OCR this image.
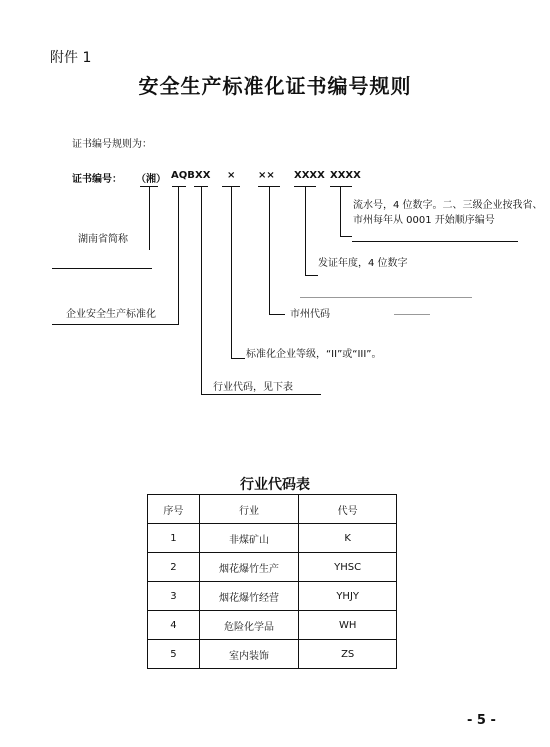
附件 1
安全生产标准化证书编号规则
证书编号规则为：
证书编号： （湘） AQB XX × ×× XXXX XXXX
湖南省简称
企业安全生产标准化
标准化企业等级，“II”或“III”。
行业代码，见下表
市州代码
发证年度，4 位数字
流水号，4 位数字。二、三级企业按我省、
市州每年从 0001 开始顺序编号
行业代码表
序号	行业	代号
1	非煤矿山	K
2	烟花爆竹生产	YHSC
3	烟花爆竹经营	YHJY
4	危险化学品	WH
5	室内装饰	ZS
- 5 -
